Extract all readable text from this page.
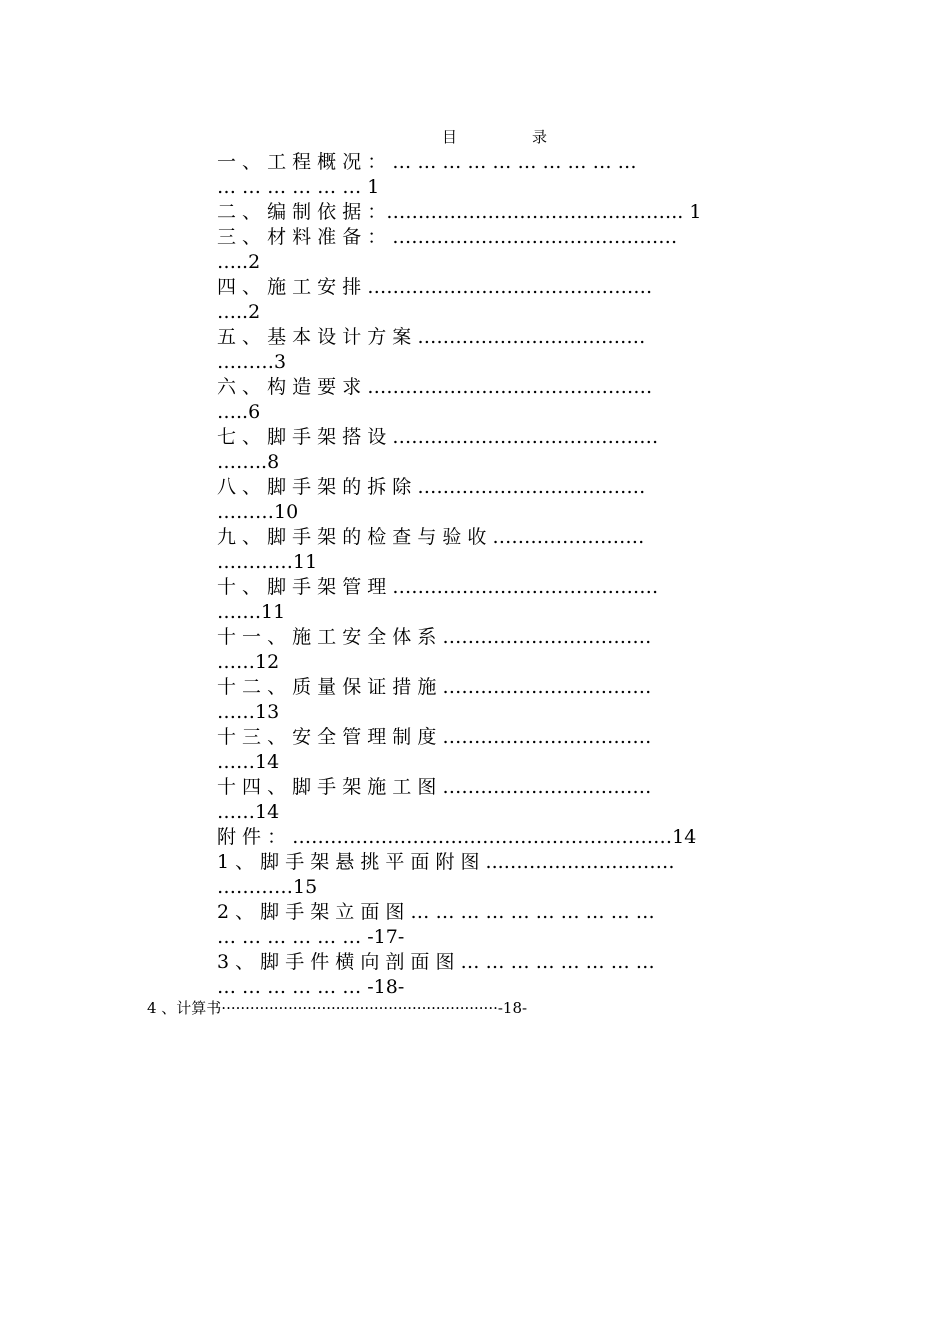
目　录
一 、 工 程 概 况 ： … … … … … … … … … …
… … … … … … 1
二 、 编 制 依 据 ：……………………………………….. 1
三 、 材 料 准 备 ： ………………………………………
…..2
四 、 施 工 安 排 ………………………………………
…..2
五 、 基 本 设 计 方 案 ………………………………
………3
六 、 构 造 要 求 ………………………………………
…..6
七 、 脚 手 架 搭 设 ……………………………………
……..8
八 、 脚 手 架 的 拆 除 ………………………………
………10
九 、 脚 手 架 的 检 查 与 验 收 ……………………
…………11
十 、 脚 手 架 管 理 ……………………………………
…….11
十 一 、 施 工 安 全 体 系 ……………………………
……12
十 二 、 质 量 保 证 措 施 ……………………………
……13
十 三 、 安 全 管 理 制 度 ……………………………
……14
十 四 、 脚 手 架 施 工 图 ……………………………
……14
附 件 ： ……………………………………………………14
1 、 脚 手 架 悬 挑 平 面 附 图 ...………………………
…………15
2 、 脚 手 架 立 面 图 … … … … … … … … … …
… … … … … … -17-
3 、 脚 手 件 横 向 剖 面 图 … … … … … … … …
… … … … … … -18-
4 、计算书··························································-18-
